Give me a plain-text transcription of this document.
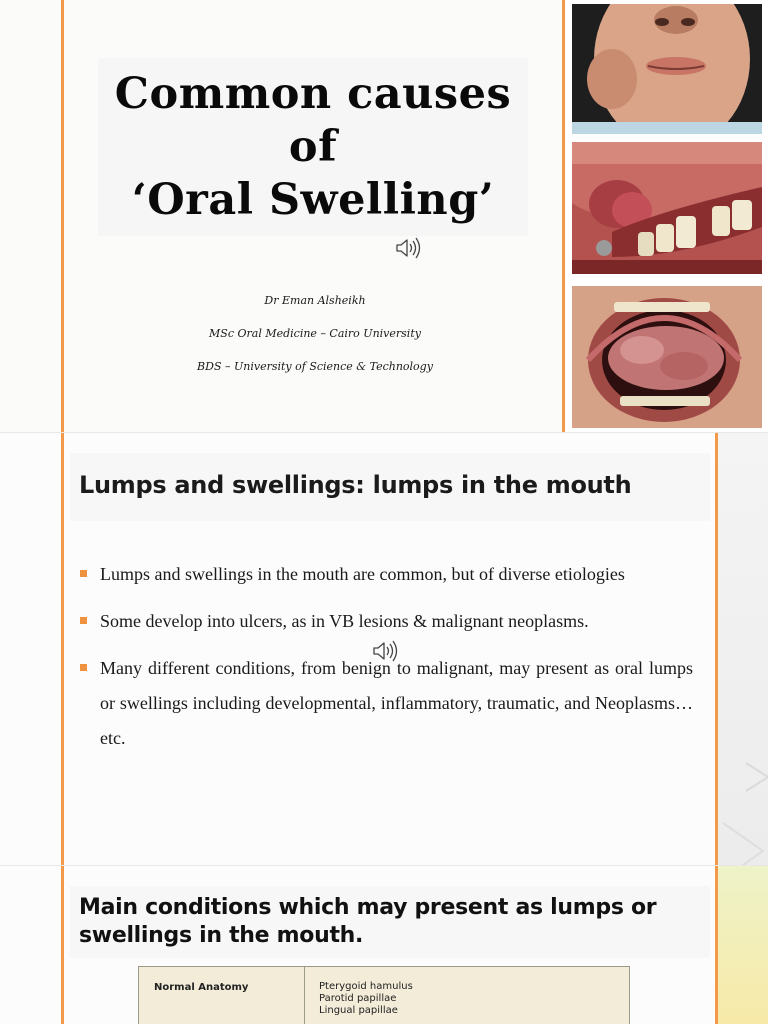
Common causes
of
‘Oral Swelling’
Dr Eman Alsheikh
MSc Oral Medicine – Cairo University
BDS – University of Science & Technology
Lumps and swellings: lumps in the mouth
Lumps and swellings in the mouth are common, but of diverse etiologies
Some develop into ulcers, as in VB lesions & malignant neoplasms.
Many different conditions, from benign to malignant, may present as oral lumps or swellings including developmental, inflammatory, traumatic, and Neoplasms…etc.
Main conditions which may present as lumps or swellings in the mouth.
Normal Anatomy	Pterygoid hamulus
Parotid papillae
Lingual papillae
